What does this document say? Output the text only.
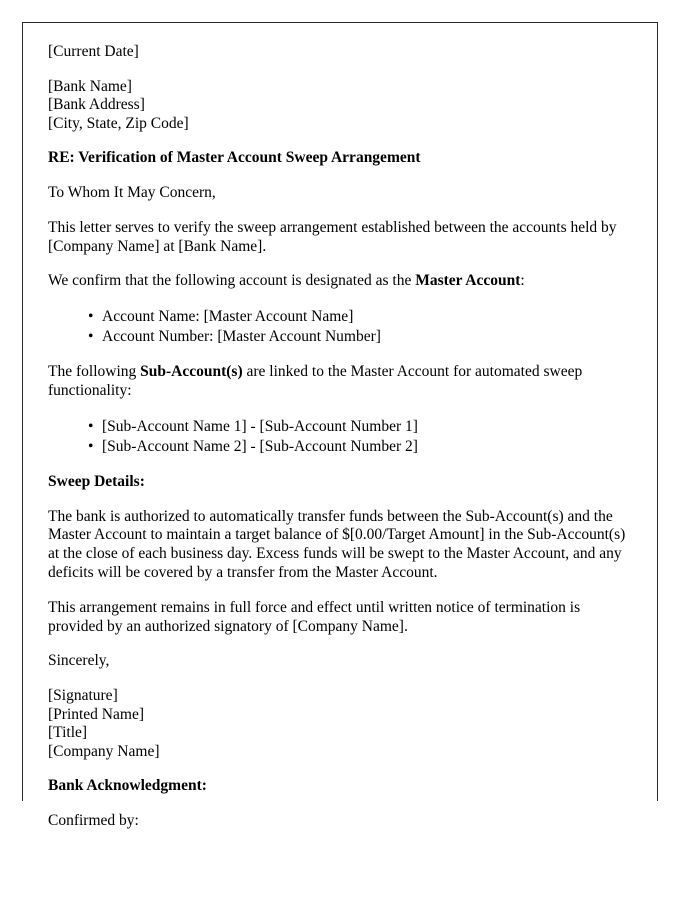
[Current Date]

[Bank Name]
[Bank Address]
[City, State, Zip Code]

RE: Verification of Master Account Sweep Arrangement

To Whom It May Concern,

This letter serves to verify the sweep arrangement established between the accounts held by [Company Name] at [Bank Name].

We confirm that the following account is designated as the Master Account:

• Account Name: [Master Account Name]
• Account Number: [Master Account Number]

The following Sub-Account(s) are linked to the Master Account for automated sweep functionality:

• [Sub-Account Name 1] - [Sub-Account Number 1]
• [Sub-Account Name 2] - [Sub-Account Number 2]

Sweep Details:

The bank is authorized to automatically transfer funds between the Sub-Account(s) and the Master Account to maintain a target balance of $[0.00/Target Amount] in the Sub-Account(s) at the close of each business day. Excess funds will be swept to the Master Account, and any deficits will be covered by a transfer from the Master Account.

This arrangement remains in full force and effect until written notice of termination is provided by an authorized signatory of [Company Name].

Sincerely,

[Signature]
[Printed Name]
[Title]
[Company Name]

Bank Acknowledgment:

Confirmed by:
